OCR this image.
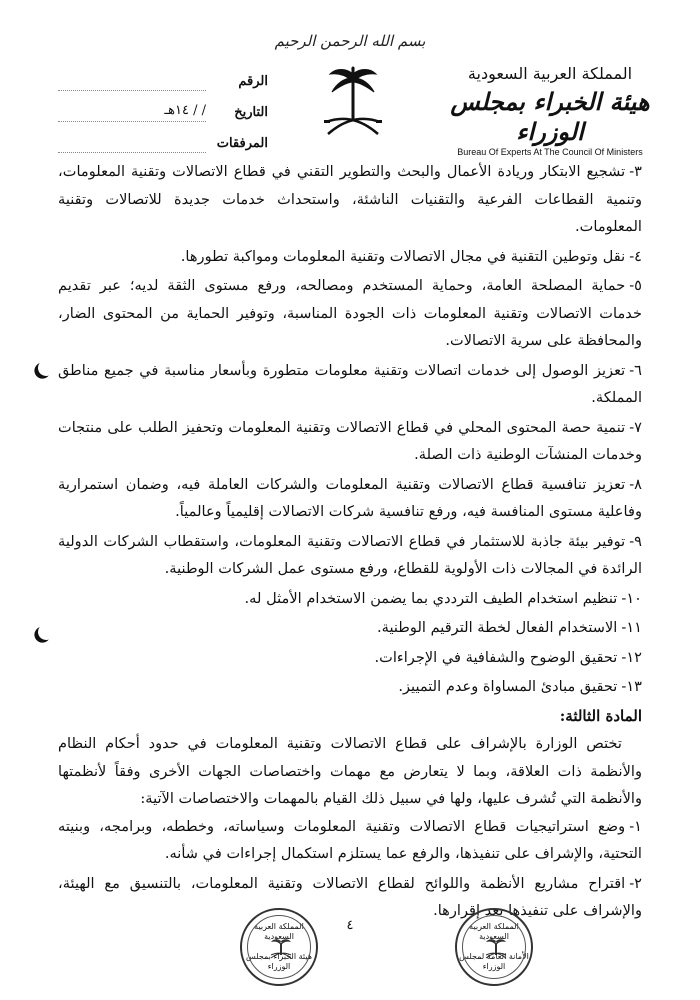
بسم الله الرحمن الرحيم
الرقم
التاريخ
/ / ١٤هـ
المرفقات
المملكة العربية السعودية
هيئة الخبراء بمجلس الوزراء
Bureau Of Experts At The Council Of Ministers

٣-تشجيع الابتكار وريادة الأعمال والبحث والتطوير التقني في قطاع الاتصالات وتقنية المعلومات، وتنمية القطاعات الفرعية والتقنيات الناشئة، واستحداث خدمات جديدة للاتصالات وتقنية المعلومات.

٤-نقل وتوطين التقنية في مجال الاتصالات وتقنية المعلومات ومواكبة تطورها.

٥-حماية المصلحة العامة، وحماية المستخدم ومصالحه، ورفع مستوى الثقة لديه؛ عبر تقديم خدمات الاتصالات وتقنية المعلومات ذات الجودة المناسبة، وتوفير الحماية من المحتوى الضار، والمحافظة على سرية الاتصالات.

٦-تعزيز الوصول إلى خدمات اتصالات وتقنية معلومات متطورة وبأسعار مناسبة في جميع مناطق المملكة.

٧-تنمية حصة المحتوى المحلي في قطاع الاتصالات وتقنية المعلومات وتحفيز الطلب على منتجات وخدمات المنشآت الوطنية ذات الصلة.

٨-تعزيز تنافسية قطاع الاتصالات وتقنية المعلومات والشركات العاملة فيه، وضمان استمرارية وفاعلية مستوى المنافسة فيه، ورفع تنافسية شركات الاتصالات إقليمياً وعالمياً.

٩-توفير بيئة جاذبة للاستثمار في قطاع الاتصالات وتقنية المعلومات، واستقطاب الشركات الدولية الرائدة في المجالات ذات الأولوية للقطاع، ورفع مستوى عمل الشركات الوطنية.

١٠-تنظيم استخدام الطيف الترددي بما يضمن الاستخدام الأمثل له.

١١-الاستخدام الفعال لخطة الترقيم الوطنية.

١٢-تحقيق الوضوح والشفافية في الإجراءات.

١٣-تحقيق مبادئ المساواة وعدم التمييز.

المادة الثالثة:

تختص الوزارة بالإشراف على قطاع الاتصالات وتقنية المعلومات في حدود أحكام النظام والأنظمة ذات العلاقة، وبما لا يتعارض مع مهمات واختصاصات الجهات الأخرى وفقاً لأنظمتها والأنظمة التي تُشرف عليها، ولها في سبيل ذلك القيام بالمهمات والاختصاصات الآتية:

١-وضع استراتيجيات قطاع الاتصالات وتقنية المعلومات وسياساته، وخططه، وبرامجه، وبنيته التحتية، والإشراف على تنفيذها، والرفع عما يستلزم استكمال إجراءات في شأنه.

٢-اقتراح مشاريع الأنظمة واللوائح لقطاع الاتصالات وتقنية المعلومات، بالتنسيق مع الهيئة، والإشراف على تنفيذها بعد إقرارها.

٤
المملكة العربية السعودية
هيئة الخبراء بمجلس الوزراء
المملكة العربية السعودية
الأمانة العامة لمجلس الوزراء
